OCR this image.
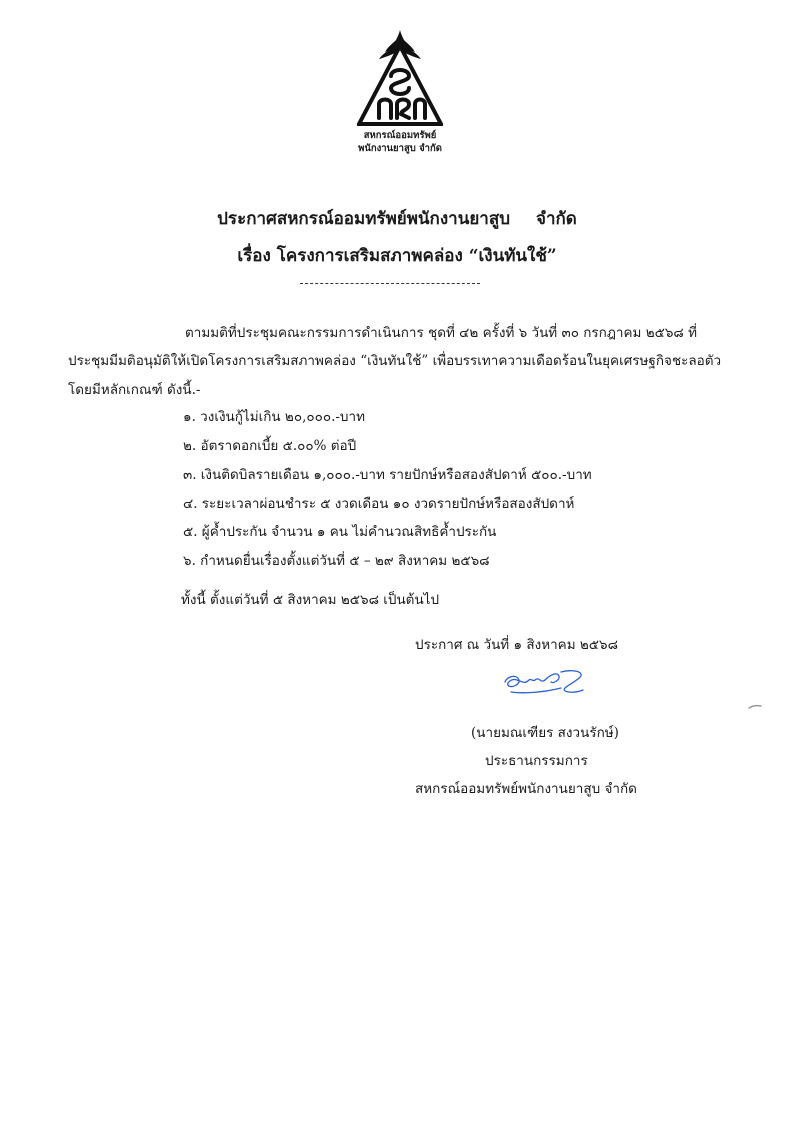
สหกรณ์ออมทรัพย์
พนักงานยาสูบ จำกัด
ประกาศสหกรณ์ออมทรัพย์พนักงานยาสูบ จำกัด
เรื่อง โครงการเสริมสภาพคล่อง “เงินทันใช้”
ตามมติที่ประชุมคณะกรรมการดำเนินการ ชุดที่ ๔๒ ครั้งที่ ๖ วันที่ ๓๐ กรกฎาคม ๒๕๖๘ ที่
ประชุมมีมติอนุมัติให้เปิดโครงการเสริมสภาพคล่อง “เงินทันใช้” เพื่อบรรเทาความเดือดร้อนในยุคเศรษฐกิจชะลอตัว
โดยมีหลักเกณฑ์ ดังนี้.-
๑. วงเงินกู้ไม่เกิน ๒๐,๐๐๐.-บาท
๒. อัตราดอกเบี้ย ๕.๐๐% ต่อปี
๓. เงินติดบิลรายเดือน ๑,๐๐๐.-บาท รายปักษ์หรือสองสัปดาห์ ๕๐๐.-บาท
๔. ระยะเวลาผ่อนชำระ ๕ งวดเดือน ๑๐ งวดรายปักษ์หรือสองสัปดาห์
๕. ผู้ค้ำประกัน จำนวน ๑ คน ไม่คำนวณสิทธิค้ำประกัน
๖. กำหนดยื่นเรื่องตั้งแต่วันที่ ๕ – ๒๙ สิงหาคม ๒๕๖๘
ทั้งนี้ ตั้งแต่วันที่ ๕ สิงหาคม ๒๕๖๘ เป็นต้นไป
ประกาศ ณ วันที่ ๑ สิงหาคม ๒๕๖๘
(นายมณเฑียร สงวนรักษ์)
ประธานกรรมการ
สหกรณ์ออมทรัพย์พนักงานยาสูบ จำกัด
